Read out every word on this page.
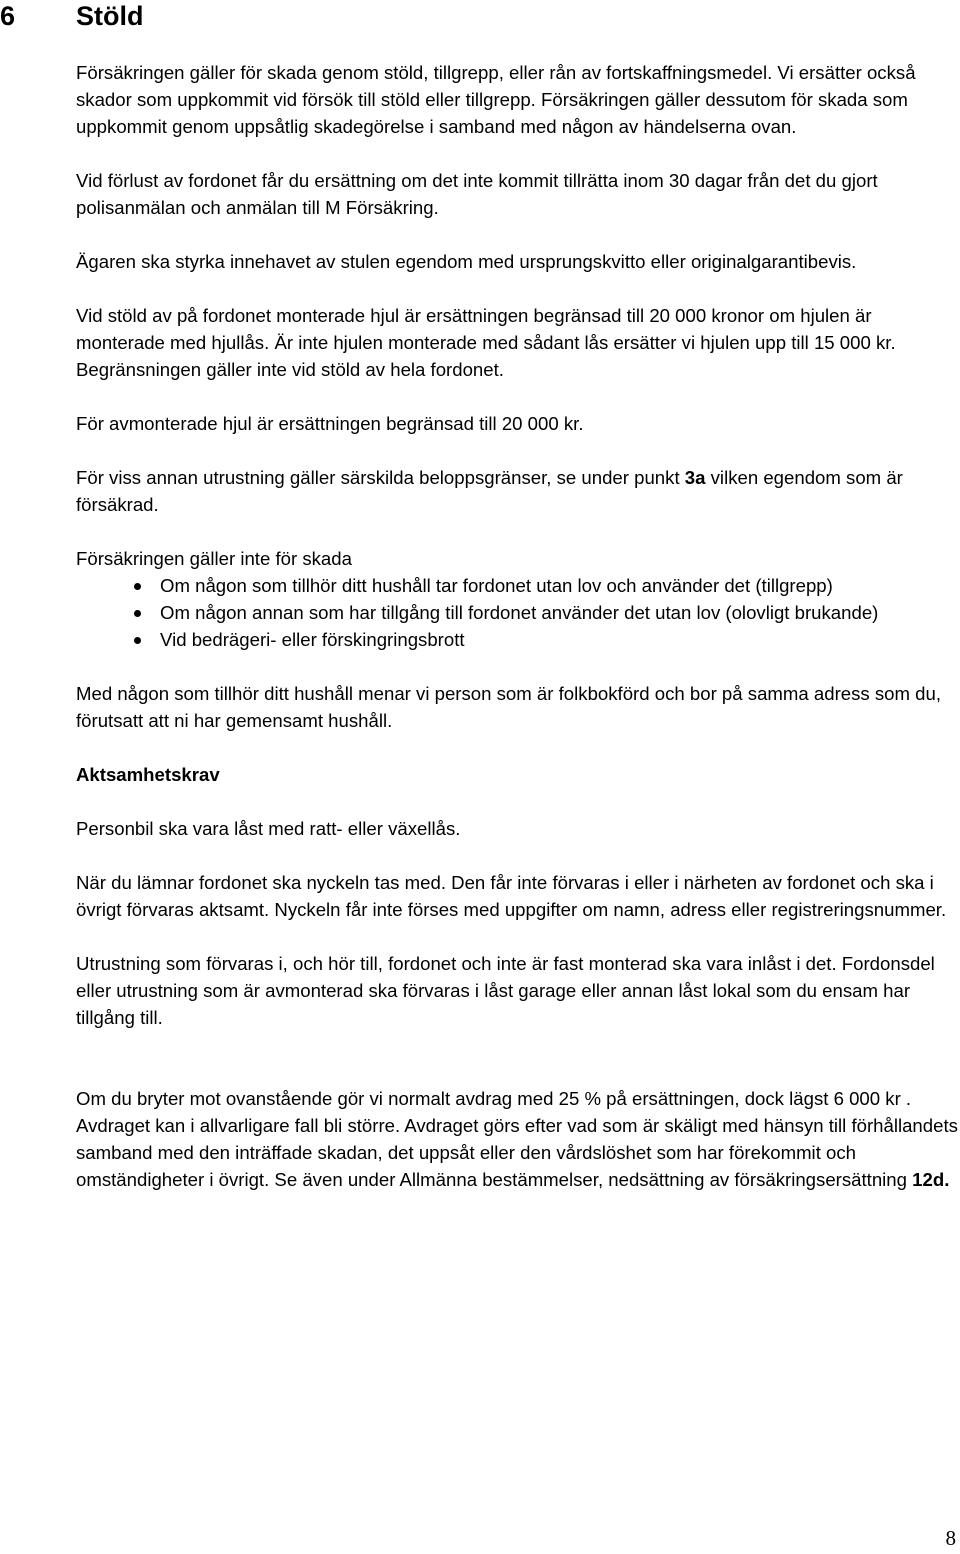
6 Stöld

Försäkringen gäller för skada genom stöld, tillgrepp, eller rån av fortskaffningsmedel. Vi ersätter också skador som uppkommit vid försök till stöld eller tillgrepp. Försäkringen gäller dessutom för skada som uppkommit genom uppsåtlig skadegörelse i samband med någon av händelserna ovan.

Vid förlust av fordonet får du ersättning om det inte kommit tillrätta inom 30 dagar från det du gjort polisanmälan och anmälan till M Försäkring.

Ägaren ska styrka innehavet av stulen egendom med ursprungskvitto eller originalgarantibevis.

Vid stöld av på fordonet monterade hjul är ersättningen begränsad till 20 000 kronor om hjulen är monterade med hjullås. Är inte hjulen monterade med sådant lås ersätter vi hjulen upp till 15 000 kr. Begränsningen gäller inte vid stöld av hela fordonet.

För avmonterade hjul är ersättningen begränsad till 20 000 kr.

För viss annan utrustning gäller särskilda beloppsgränser, se under punkt 3a vilken egendom som är försäkrad.

Försäkringen gäller inte för skada

Om någon som tillhör ditt hushåll tar fordonet utan lov och använder det (tillgrepp)
Om någon annan som har tillgång till fordonet använder det utan lov (olovligt brukande)
Vid bedrägeri- eller förskingringsbrott

Med någon som tillhör ditt hushåll menar vi person som är folkbokförd och bor på samma adress som du, förutsatt att ni har gemensamt hushåll.

Aktsamhetskrav

Personbil ska vara låst med ratt- eller växellås.

När du lämnar fordonet ska nyckeln tas med. Den får inte förvaras i eller i närheten av fordonet och ska i övrigt förvaras aktsamt. Nyckeln får inte förses med uppgifter om namn, adress eller registreringsnummer.

Utrustning som förvaras i, och hör till, fordonet och inte är fast monterad ska vara inlåst i det. Fordonsdel eller utrustning som är avmonterad ska förvaras i låst garage eller annan låst lokal som du ensam har tillgång till.

Om du bryter mot ovanstående gör vi normalt avdrag med 25 % på ersättningen, dock lägst 6 000 kr . Avdraget kan i allvarligare fall bli större. Avdraget görs efter vad som är skäligt med hänsyn till förhållandets samband med den inträffade skadan, det uppsåt eller den vårdslöshet som har förekommit och omständigheter i övrigt. Se även under Allmänna bestämmelser, nedsättning av försäkringsersättning 12d.

8
